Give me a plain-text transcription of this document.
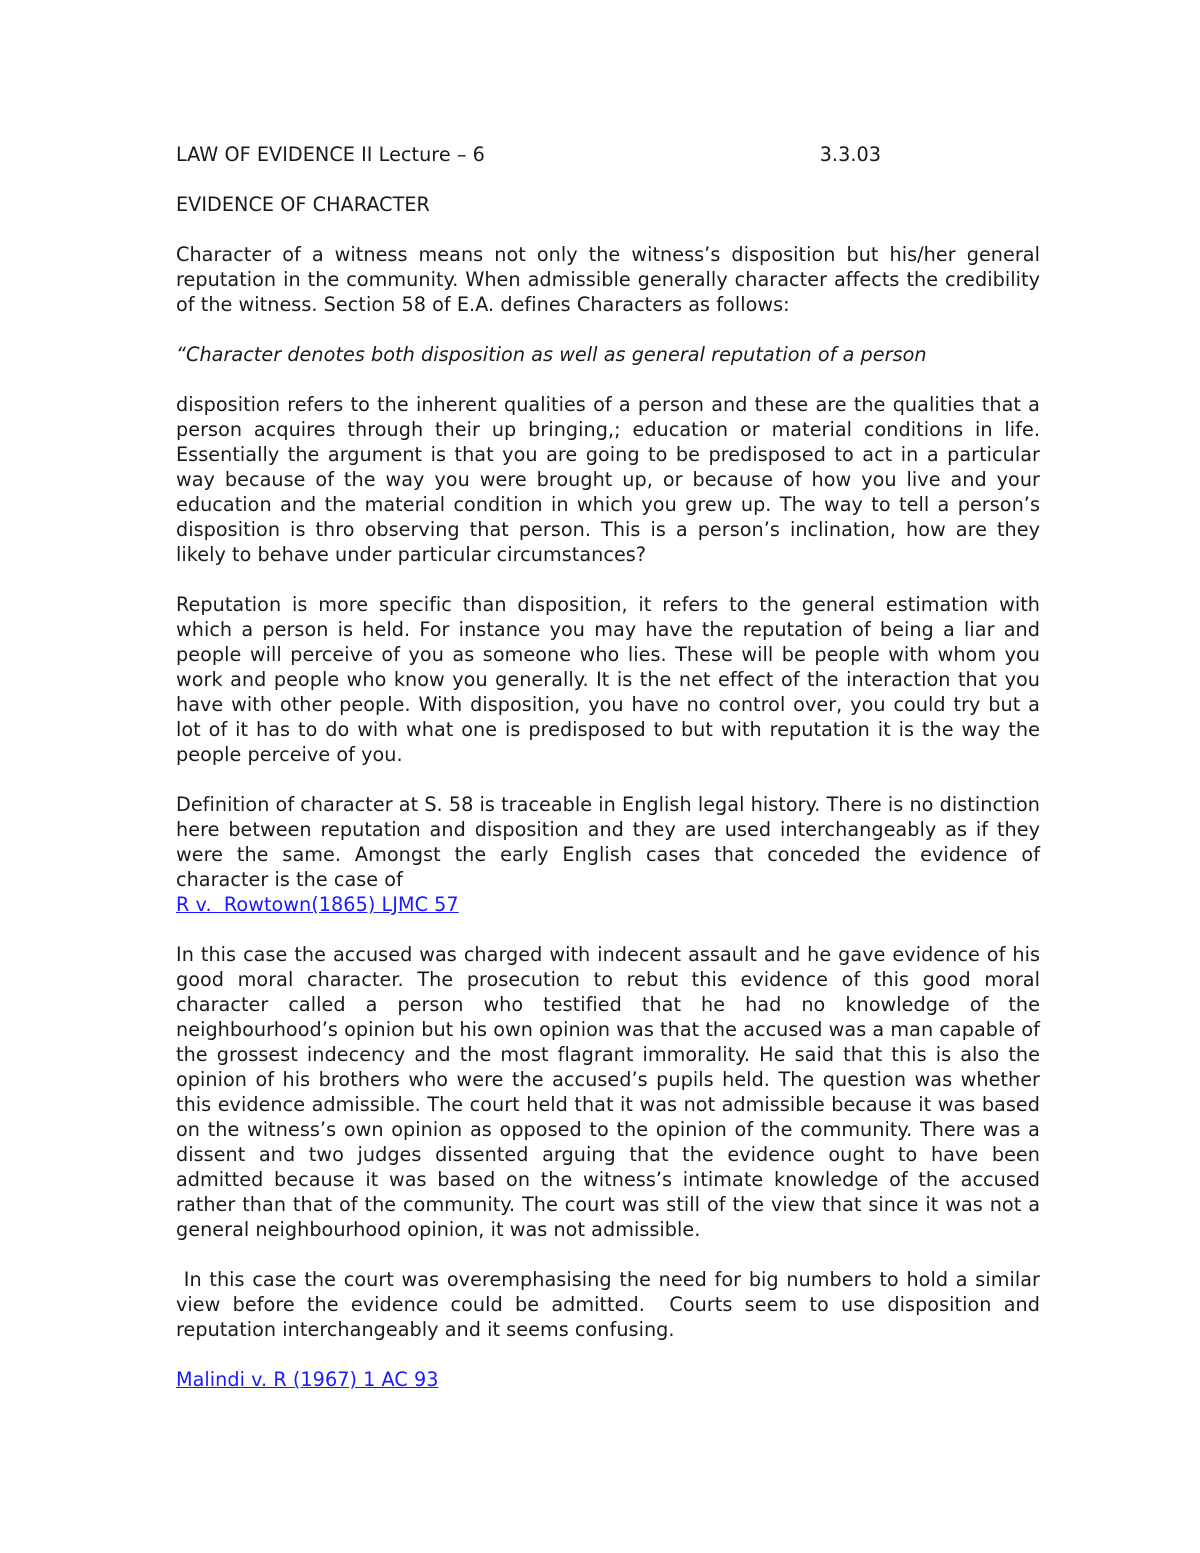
LAW OF EVIDENCE II Lecture – 6	3.3.03
EVIDENCE OF CHARACTER

Character of a witness means not only the witness’s disposition but his/her general reputation in the community. When admissible generally character affects the credibility of the witness. Section 58 of E.A. defines Characters as follows:

“Character denotes both disposition as well as general reputation of a person

disposition refers to the inherent qualities of a person and these are the qualities that a person acquires through their up bringing,; education or material conditions in life. Essentially the argument is that you are going to be predisposed to act in a particular way because of the way you were brought up, or because of how you live and your education and the material condition in which you grew up. The way to tell a person’s disposition is thro observing that person. This is a person’s inclination, how are they likely to behave under particular circumstances?

Reputation is more specific than disposition, it refers to the general estimation with which a person is held. For instance you may have the reputation of being a liar and people will perceive of you as someone who lies. These will be people with whom you work and people who know you generally. It is the net effect of the interaction that you have with other people. With disposition, you have no control over, you could try but a lot of it has to do with what one is predisposed to but with reputation it is the way the people perceive of you.

Definition of character at S. 58 is traceable in English legal history. There is no distinction here between reputation and disposition and they are used interchangeably as if they were the same. Amongst the early English cases that conceded the evidence of character is the case of
R v.  Rowtown(1865) LJMC 57

In this case the accused was charged with indecent assault and he gave evidence of his good moral character. The prosecution to rebut this evidence of this good moral character called a person who testified that he had no knowledge of the neighbourhood’s opinion but his own opinion was that the accused was a man capable of the grossest indecency and the most flagrant immorality. He said that this is also the opinion of his brothers who were the accused’s pupils held. The question was whether this evidence admissible. The court held that it was not admissible because it was based on the witness’s own opinion as opposed to the opinion of the community. There was a dissent and two judges dissented arguing that the evidence ought to have been admitted because it was based on the witness’s intimate knowledge of the accused rather than that of the community. The court was still of the view that since it was not a general neighbourhood opinion, it was not admissible.

In this case the court was overemphasising the need for big numbers to hold a similar view before the evidence could be admitted.  Courts seem to use disposition and reputation interchangeably and it seems confusing.

Malindi v. R (1967) 1 AC 93
